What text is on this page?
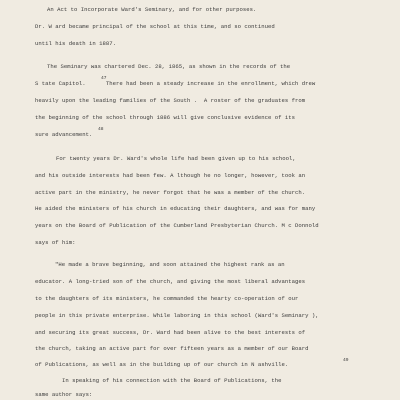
An Act to Incorporate Ward's Seminary, and for other purposes.
Dr. W ard became principal of the school at this time, and so continued
until his death in 1887.
The Seminary was chartered Dec. 28, 1865, as shown in the records of the
47
S tate Capitol.      There had been a steady increase in the enrollment, which drew
heavily upon the leading families of the South .  A roster of the graduates from
the beginning of the school through 1886 will give conclusive evidence of its
48
sure advancement.
For twenty years Dr. Ward's whole life had been given up to his school,
and his outside interests had been few. A lthough he no longer, however, took an
active part in the ministry, he never forgot that he was a member of the church.
He aided the ministers of his church in educating their daughters, and was for many
years on the Board of Publication of the Cumberland Presbyterian Church. M c Donnold
says of him:
"He made a brave beginning, and soon attained the highest rank as an
educator. A long-tried son of the church, and giving the most liberal advantages
to the daughters of its ministers, he commanded the hearty co-operation of our
people in this private enterprise. While laboring in this school (Ward's Seminary ),
and securing its great success, Dr. Ward had been alive to the best interests of
the church, taking an active part for over fifteen years as a member of our Board
49
of Publications, as well as in the building up of our church in N ashville.
In speaking of his connection with the Board of Publications, the
same author says:
